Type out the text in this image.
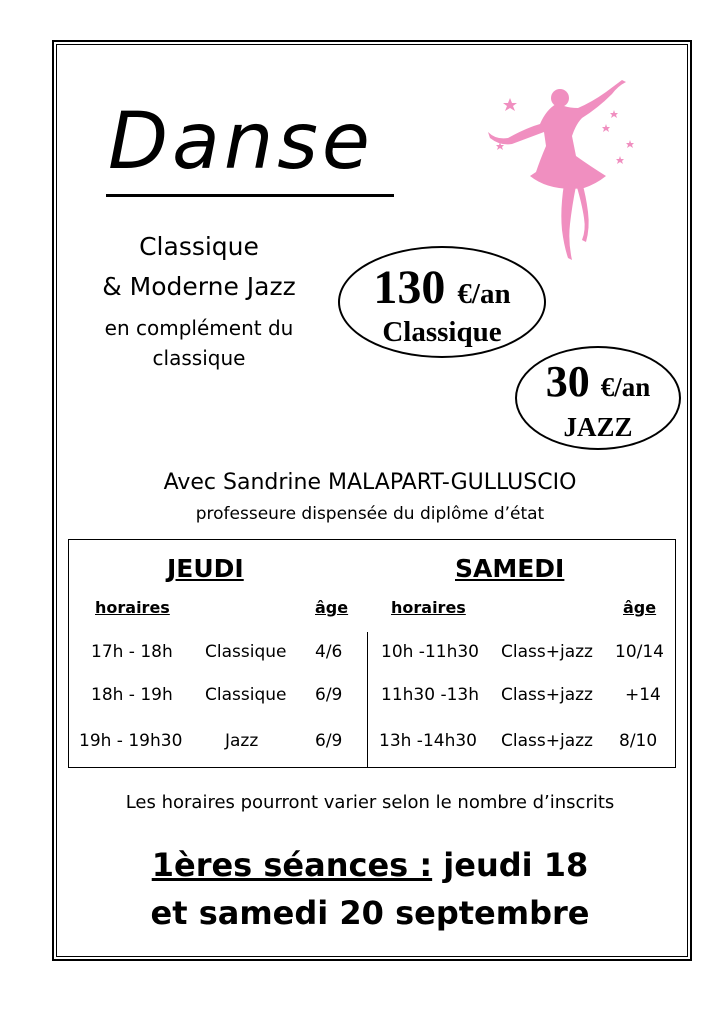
Danse
Classique
& Moderne Jazz
en complément du
classique
130 €/an
Classique
30 €/an
JAZZ
Avec Sandrine MALAPART-GULLUSCIO
professeure dispensée du diplôme d’état
JEUDI
horaires	âge
17h - 18h Classique 4/6
18h - 19h Classique 6/9
19h - 19h30	Jazz	6/9
SAMEDI
horaires	âge
10h -11h30 Class+jazz 10/14
11h30 -13h Class+jazz +14
13h -14h30 Class+jazz 8/10
Les horaires pourront varier selon le nombre d’inscrits
1ères séances : jeudi 18
et samedi 20 septembre
